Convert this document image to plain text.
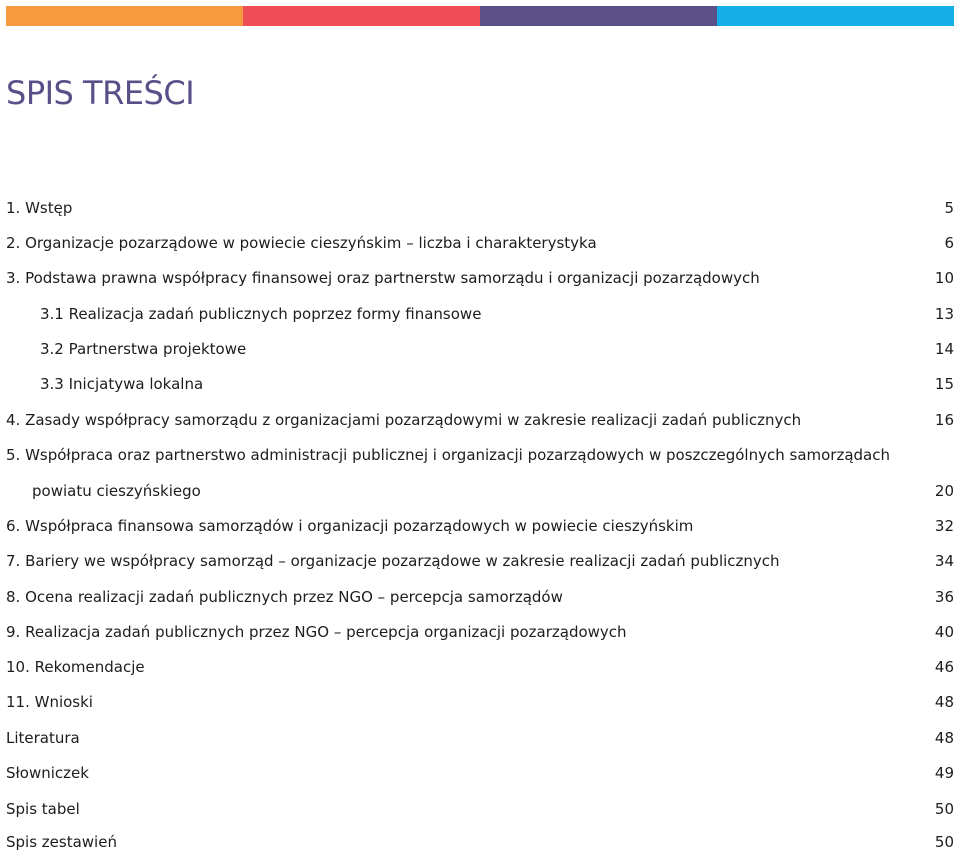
SPIS TREŚCI
1. Wstęp	5
2. Organizacje pozarządowe w powiecie cieszyńskim – liczba i charakterystyka	6
3. Podstawa prawna współpracy finansowej oraz partnerstw samorządu i organizacji pozarządowych	10
3.1 Realizacja zadań publicznych poprzez formy finansowe	13
3.2 Partnerstwa projektowe	14
3.3 Inicjatywa lokalna	15
4. Zasady współpracy samorządu z organizacjami pozarządowymi w zakresie realizacji zadań publicznych	16
5. Współpraca oraz partnerstwo administracji publicznej i organizacji pozarządowych w poszczególnych samorządach
powiatu cieszyńskiego	20
6. Współpraca finansowa samorządów i organizacji pozarządowych w powiecie cieszyńskim	32
7. Bariery we współpracy samorząd – organizacje pozarządowe w zakresie realizacji zadań publicznych	34
8. Ocena realizacji zadań publicznych przez NGO – percepcja samorządów	36
9. Realizacja zadań publicznych przez NGO – percepcja organizacji pozarządowych	40
10. Rekomendacje	46
11. Wnioski	48
Literatura	48
Słowniczek	49
Spis tabel	50
Spis zestawień	50
